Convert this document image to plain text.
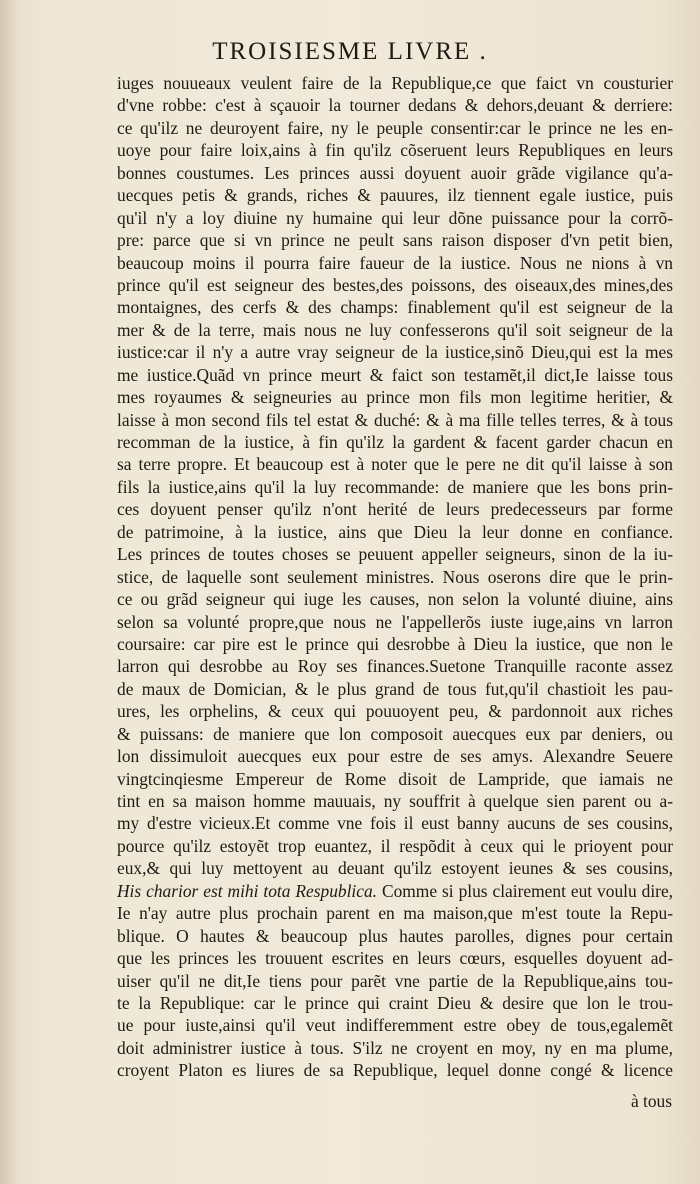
TROISIESME LIVRE .
iuges nouueaux veulent faire de la Republique,ce que faict vn cousturier
d'vne robbe: c'est à sçauoir la tourner dedans & dehors,deuant & derriere:
ce qu'ilz ne deuroyent faire, ny le peuple consentir:car le prince ne les en-
uoye pour faire loix,ains à fin qu'ilz cõseruent leurs Republiques en leurs
bonnes coustumes. Les princes aussi doyuent auoir grãde vigilance qu'a-
uecques petis & grands, riches & pauures, ilz tiennent egale iustice, puis
qu'il n'y a loy diuine ny humaine qui leur dõne puissance pour la corrõ-
pre: parce que si vn prince ne peult sans raison disposer d'vn petit bien,
beaucoup moins il pourra faire faueur de la iustice. Nous ne nions à vn
prince qu'il est seigneur des bestes,des poissons, des oiseaux,des mines,des
montaignes, des cerfs & des champs: finablement qu'il est seigneur de la
mer & de la terre, mais nous ne luy confesserons qu'il soit seigneur de la
iustice:car il n'y a autre vray seigneur de la iustice,sinõ Dieu,qui est la mes
me iustice.Quãd vn prince meurt & faict son testamẽt,il dict,Ie laisse tous
mes royaumes & seigneuries au prince mon fils mon legitime heritier, &
laisse à mon second fils tel estat & duché: & à ma fille telles terres, & à tous
recomman de la iustice, à fin qu'ilz la gardent & facent garder chacun en
sa terre propre. Et beaucoup est à noter que le pere ne dit qu'il laisse à son
fils la iustice,ains qu'il la luy recommande: de maniere que les bons prin-
ces doyuent penser qu'ilz n'ont herité de leurs predecesseurs par forme
de patrimoine, à la iustice, ains que Dieu la leur donne en confiance.
Les princes de toutes choses se peuuent appeller seigneurs, sinon de la iu-
stice, de laquelle sont seulement ministres. Nous oserons dire que le prin-
ce ou grãd seigneur qui iuge les causes, non selon la volunté diuine, ains
selon sa volunté propre,que nous ne l'appellerõs iuste iuge,ains vn larron
coursaire: car pire est le prince qui desrobbe à Dieu la iustice, que non le
larron qui desrobbe au Roy ses finances.Suetone Tranquille raconte assez
de maux de Domician, & le plus grand de tous fut,qu'il chastioit les pau-
ures, les orphelins, & ceux qui pouuoyent peu, & pardonnoit aux riches
& puissans: de maniere que lon composoit auecques eux par deniers, ou
lon dissimuloit auecques eux pour estre de ses amys. Alexandre Seuere
vingtcinqiesme Empereur de Rome disoit de Lampride, que iamais ne
tint en sa maison homme mauuais, ny souffrit à quelque sien parent ou a-
my d'estre vicieux.Et comme vne fois il eust banny aucuns de ses cousins,
pource qu'ilz estoyẽt trop euantez, il respõdit à ceux qui le prioyent pour
eux,& qui luy mettoyent au deuant qu'ilz estoyent ieunes & ses cousins,
His charior est mihi tota Respublica. Comme si plus clairement eut voulu dire,
Ie n'ay autre plus prochain parent en ma maison,que m'est toute la Repu-
blique. O hautes & beaucoup plus hautes parolles, dignes pour certain
que les princes les trouuent escrites en leurs cœurs, esquelles doyuent ad-
uiser qu'il ne dit,Ie tiens pour parẽt vne partie de la Republique,ains tou-
te la Republique: car le prince qui craint Dieu & desire que lon le trou-
ue pour iuste,ainsi qu'il veut indifferemment estre obey de tous,egalemẽt
doit administrer iustice à tous. S'ilz ne croyent en moy, ny en ma plume,
croyent Platon es liures de sa Republique, lequel donne congé & licence
à tous
